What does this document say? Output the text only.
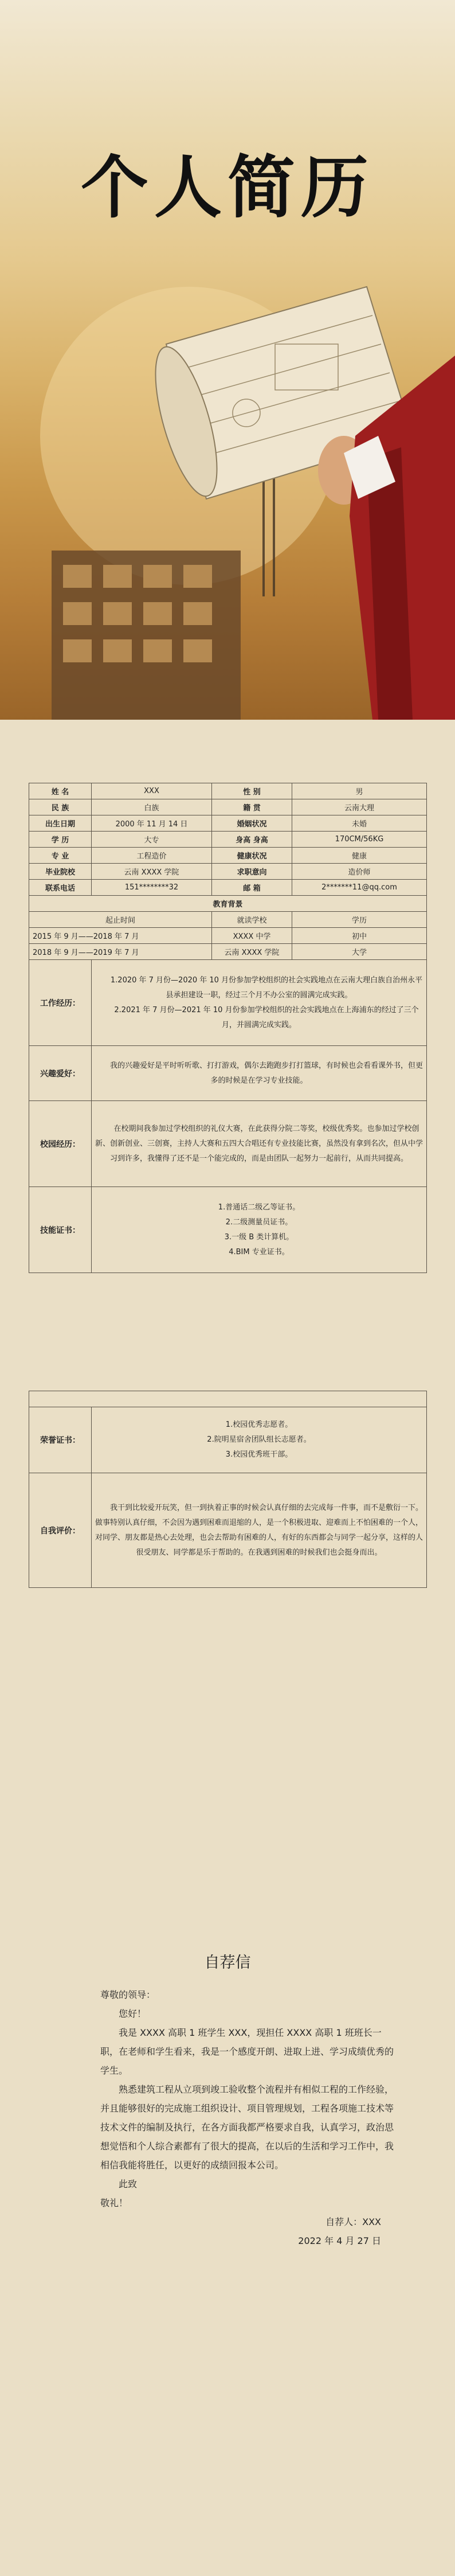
个人简历
姓 名	XXX	性 别	男
民 族	白族	籍 贯	云南大理
出生日期	2000 年 11 月 14 日	婚姻状况	未婚
学 历	大专	身高 身高	170CM/56KG
专 业	工程造价	健康状况	健康
毕业院校	云南 XXXX 学院	求职意向	造价师
联系电话	151********32	邮 箱	2*******11@qq.com
教育背景			
起止时间		就读学校	学历
2015 年 9 月——2018 年 7 月		XXXX 中学	初中
2018 年 9 月——2019 年 7 月		云南 XXXX 学院	大学
工作经历：	1.2020 年 7 月份—2020 年 10 月份参加学校组织的社会实践地点在云南大理白族自治州永平县承担建设一职，经过三个月不办公室的圆满完成实践。

2.2021 年 7 月份—2021 年 10 月份参加学校组织的社会实践地点在上海浦东的经过了三个月，并圆满完成实践。		

兴趣爱好：	我的兴趣爱好是平时听听歌、打打游戏，偶尔去跑跑步打打篮球，有时候也会看看课外书，但更多的时候是在学习专业技能。		

校园经历：	在校期间我参加过学校组织的礼仪大赛，在此获得分院二等奖，校级优秀奖。也参加过学校创新、创新创业、三创赛，主持人大赛和五四大合唱还有专业技能比赛，虽然没有拿到名次，但从中学习到许多，我懂得了还不是一个能完成的，而是由团队一起努力一起前行，从而共同提高。		

技能证书：	1.普通话二级乙等证书。

2.二级测量员证书。

3.一级 B 类计算机。

4.BIM 专业证书。		

荣誉证书：	1.校园优秀志愿者。

2.院明星宿舍团队组长志愿者。

3.校园优秀班干部。

自我评价：	我干到比较爱开玩笑，但一到执着正事的时候会认真仔细的去完成每一件事，而不是敷衍一下。做事特别认真仔细，不会因为遇到困难而退缩的人，是一个积极进取、迎难而上不怕困难的一个人，对同学、朋友都是热心去处理，也会去帮助有困难的人，有好的东西都会与同学一起分享，这样的人很受朋友、同学都是乐于帮助的。在我遇到困难的时候我们也会挺身而出。

自荐信

尊敬的领导：

您好！

我是 XXXX 高职 1 班学生 XXX，现担任 XXXX 高职 1 班班长一职，在老师和学生看来，我是一个感度开朗、进取上进、学习成绩优秀的学生。

熟悉建筑工程从立项到竣工验收整个流程并有相似工程的工作经验，并且能够很好的完成施工组织设计、项目管理规划，工程各项施工技术等技术文件的编制及执行，在各方面我都严格要求自我，认真学习，政治思想觉悟和个人综合素都有了很大的提高，在以后的生活和学习工作中，我相信我能将胜任，以更好的成绩回报本公司。

此致

敬礼！

自荐人：XXX

2022 年 4 月 27 日
